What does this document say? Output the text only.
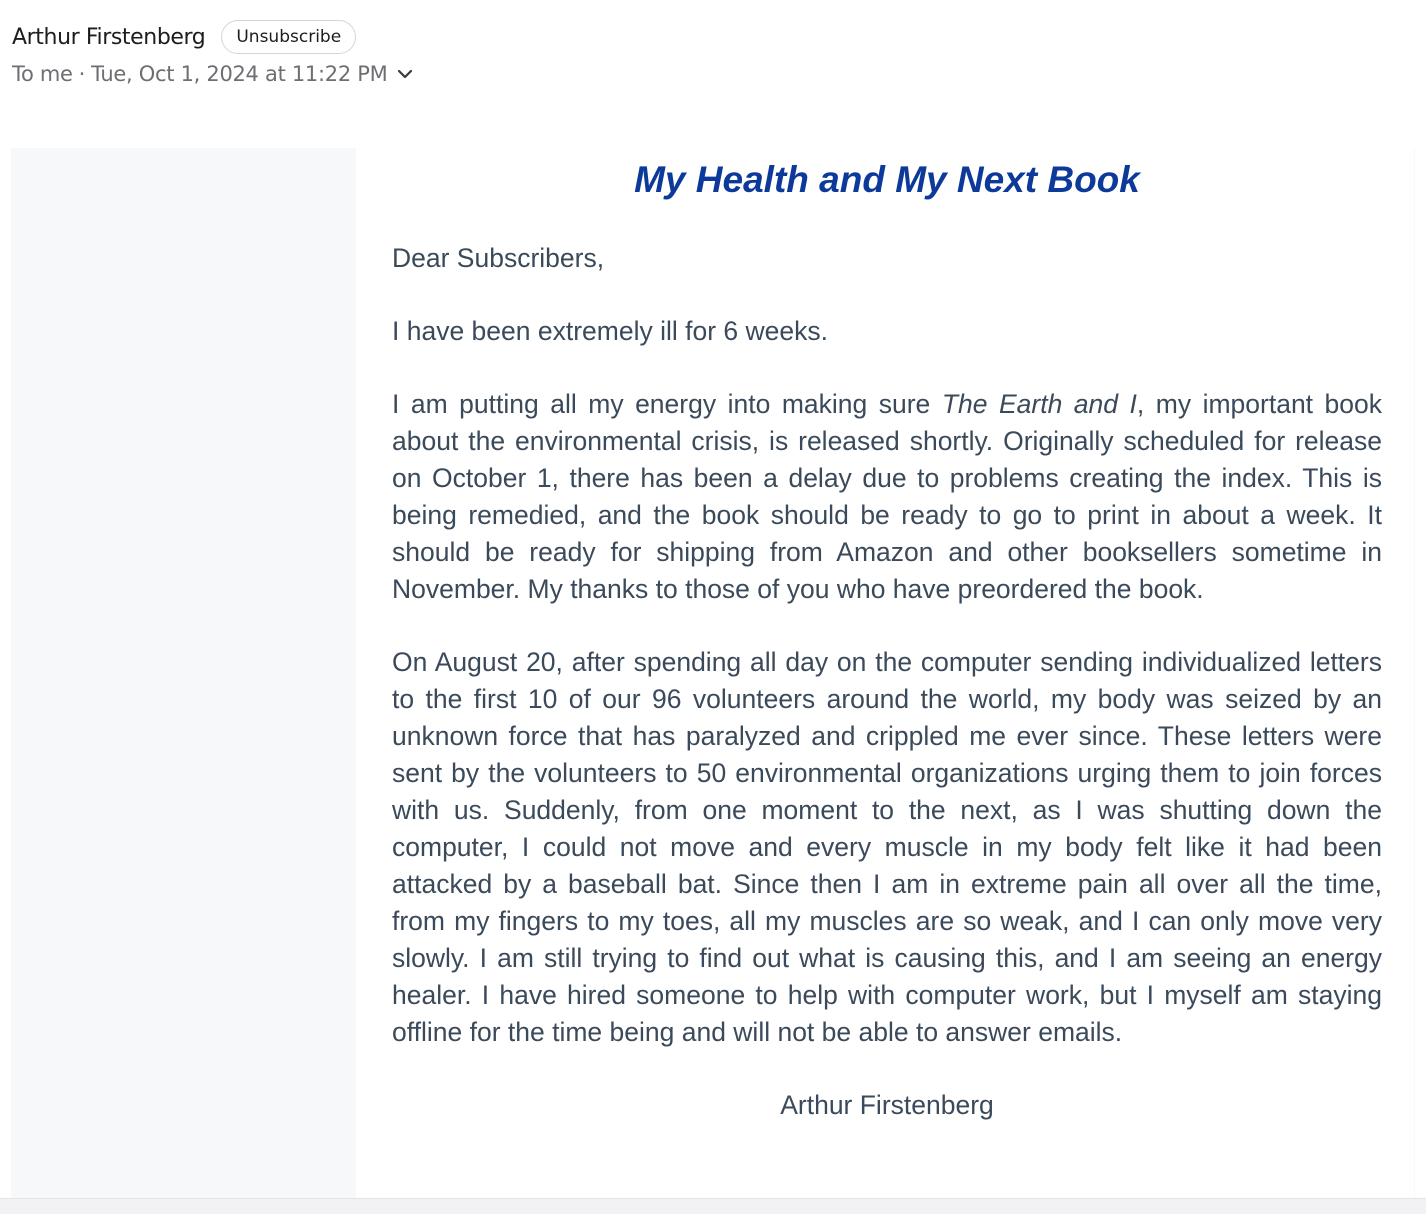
Arthur Firstenberg	Unsubscribe
To me · Tue, Oct 1, 2024 at 11:22 PM
My Health and My Next Book

Dear Subscribers,

I have been extremely ill for 6 weeks.

I am putting all my energy into making sure The Earth and I, my important book about the environmental crisis, is released shortly. Originally scheduled for release on October 1, there has been a delay due to problems creating the index. This is being remedied, and the book should be ready to go to print in about a week. It should be ready for shipping from Amazon and other booksellers sometime in November. My thanks to those of you who have preordered the book.

On August 20, after spending all day on the computer sending individualized letters to the first 10 of our 96 volunteers around the world, my body was seized by an unknown force that has paralyzed and crippled me ever since. These letters were sent by the volunteers to 50 environmental organizations urging them to join forces with us. Suddenly, from one moment to the next, as I was shutting down the computer, I could not move and every muscle in my body felt like it had been attacked by a baseball bat. Since then I am in extreme pain all over all the time, from my fingers to my toes, all my muscles are so weak, and I can only move very slowly. I am still trying to find out what is causing this, and I am seeing an energy healer. I have hired someone to help with computer work, but I myself am staying offline for the time being and will not be able to answer emails.

Arthur Firstenberg
